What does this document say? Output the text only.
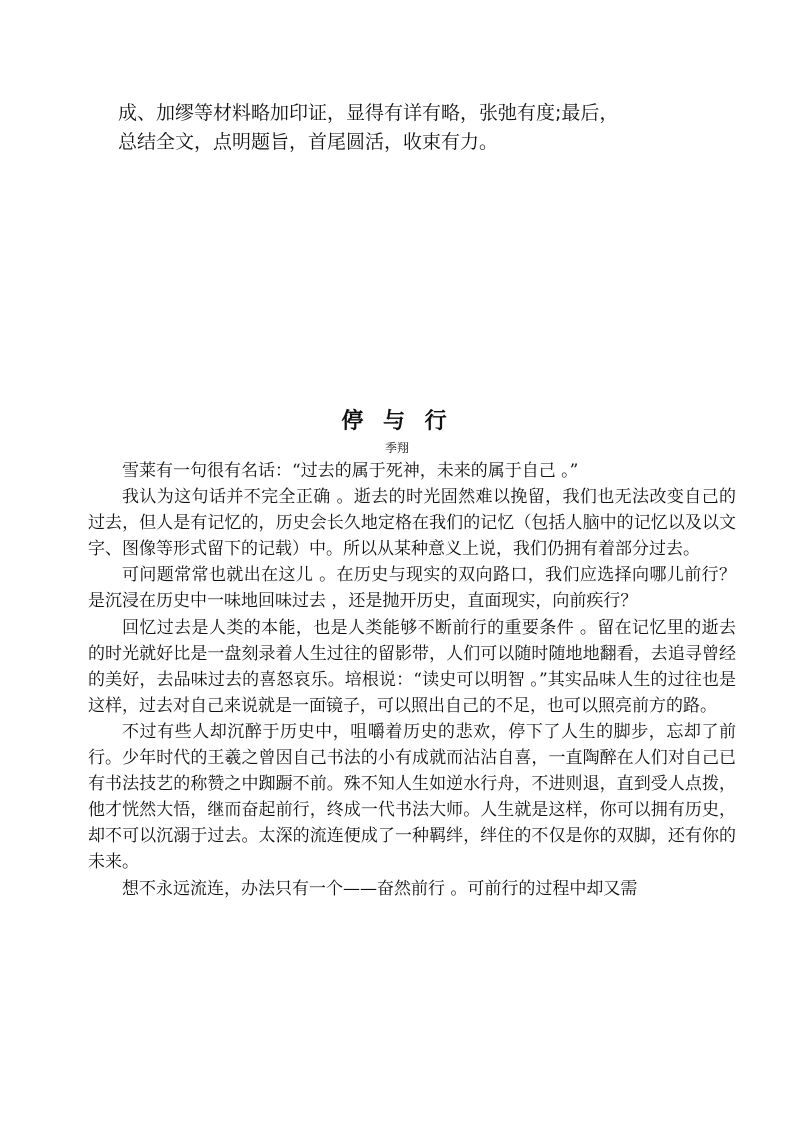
成、加缪等材料略加印证，显得有详有略，张弛有度;最后，

总结全文，点明题旨，首尾圆活，收束有力。

停 与 行
季翔

雪莱有一句很有名话：“过去的属于死神，未来的属于自己 。”

我认为这句话并不完全正确 。逝去的时光固然难以挽留，我们也无法改变自己的过去，但人是有记忆的，历史会长久地定格在我们的记忆（包括人脑中的记忆以及以文字、图像等形式留下的记载）中。所以从某种意义上说，我们仍拥有着部分过去。

可问题常常也就出在这儿 。在历史与现实的双向路口，我们应选择向哪儿前行？是沉浸在历史中一味地回味过去 ，还是抛开历史，直面现实，向前疾行？

回忆过去是人类的本能，也是人类能够不断前行的重要条件 。留在记忆里的逝去的时光就好比是一盘刻录着人生过往的留影带，人们可以随时随地地翻看，去追寻曾经的美好，去品味过去的喜怒哀乐。培根说：“读史可以明智 。”其实品味人生的过往也是这样，过去对自己来说就是一面镜子，可以照出自己的不足，也可以照亮前方的路。

不过有些人却沉醉于历史中，咀嚼着历史的悲欢，停下了人生的脚步，忘却了前行。少年时代的王羲之曾因自己书法的小有成就而沾沾自喜，一直陶醉在人们对自己已有书法技艺的称赞之中踟蹰不前。殊不知人生如逆水行舟，不进则退，直到受人点拨，他才恍然大悟，继而奋起前行，终成一代书法大师。人生就是这样，你可以拥有历史，却不可以沉溺于过去。太深的流连便成了一种羁绊，绊住的不仅是你的双脚，还有你的未来。

想不永远流连，办法只有一个——奋然前行 。可前行的过程中却又需
